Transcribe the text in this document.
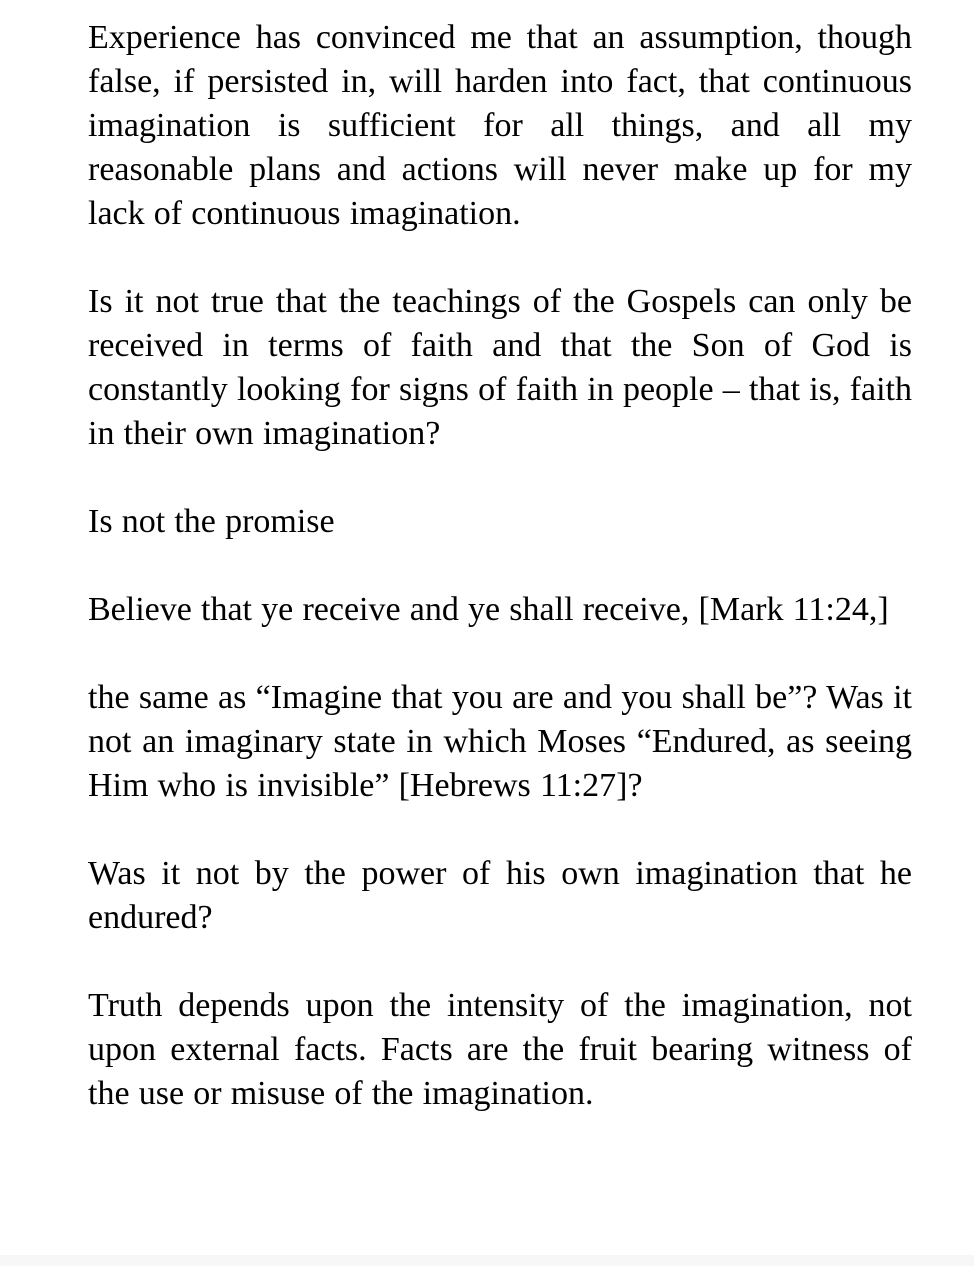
Experience has convinced me that an assumption, though false, if persisted in, will harden into fact, that continuous imagination is sufficient for all things, and all my reasonable plans and actions will never make up for my lack of continuous imagination.

Is it not true that the teachings of the Gospels can only be received in terms of faith and that the Son of God is constantly looking for signs of faith in people – that is, faith in their own imagination?

Is not the promise

Believe that ye receive and ye shall receive, [Mark 11:24,]

the same as “Imagine that you are and you shall be”? Was it not an imaginary state in which Moses “Endured, as seeing Him who is invisible” [Hebrews 11:27]?

Was it not by the power of his own imagination that he endured?

Truth depends upon the intensity of the imagination, not upon external facts. Facts are the fruit bearing witness of the use or misuse of the imagination.
